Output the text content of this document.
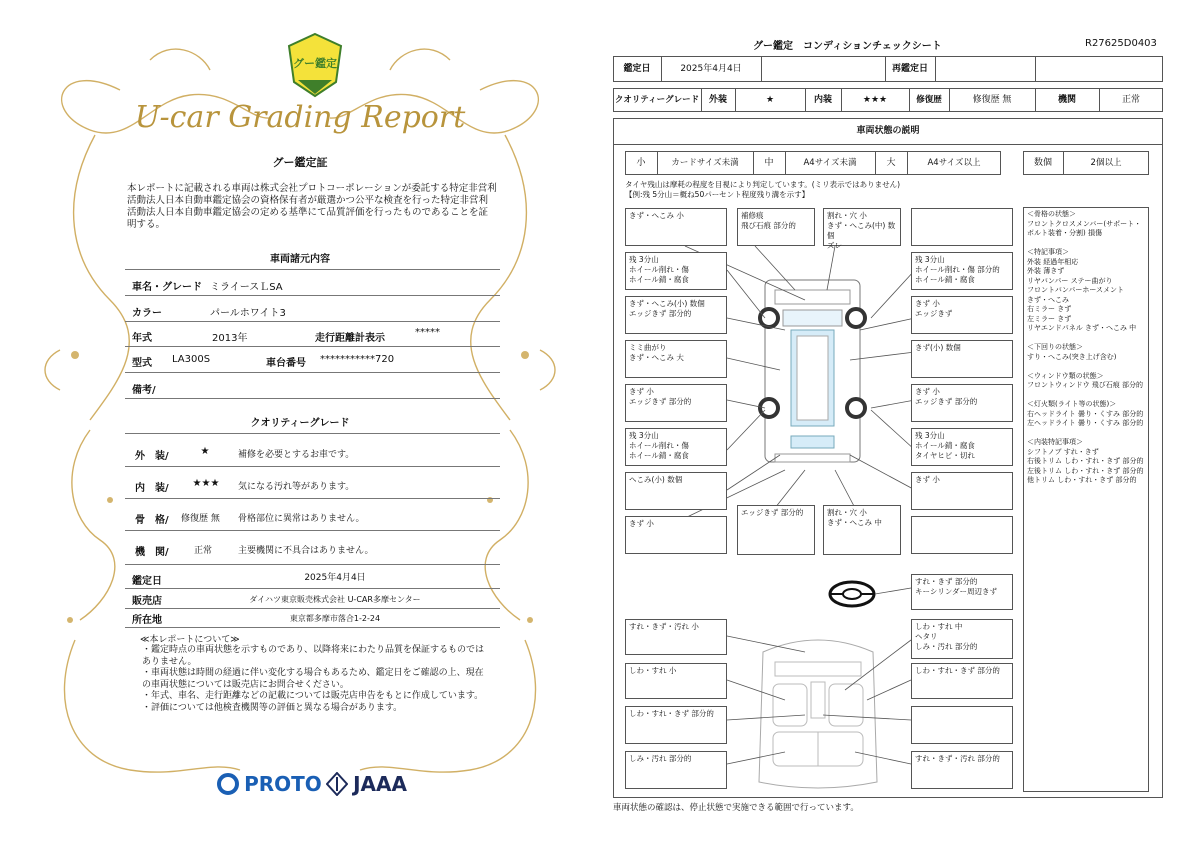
グー鑑定
U-car Grading Report
グー鑑定証
本レポートに記載される車両は株式会社プロトコーポレーションが委託する特定非営利活動法人日本自動車鑑定協会の資格保有者が厳選かつ公平な検査を行った特定非営利活動法人日本自動車鑑定協会の定める基準にて品質評価を行ったものであることを証明する。
車両諸元内容
車名・グレード ミライースＬSA
カラー	パールホワイト3
年式	2013年	走行距離計表示
*****
型式 LA300S	車台番号 ***********720
備考/
クオリティーグレード
外　装/	★	補修を必要とするお車です。
内　装/	★★★	気になる汚れ等があります。
骨　格/ 修復歴 無 骨格部位に異常はありません。
機　関/	正常	主要機関に不具合はありません。
鑑定日	2025年4月4日
販売店	ダイハツ東京販売株式会社 U-CAR多摩センター
所在地	東京都多摩市落合1-2-24
≪本レポートについて≫
・鑑定時点の車両状態を示すものであり、以降将来にわたり品質を保証するものではありません。
・車両状態は時間の経過に伴い変化する場合もあるため、鑑定日をご確認の上、現在の車両状態については販売店にお問合せください。
・年式、車名、走行距離などの記載については販売店申告をもとに作成しています。
・評価については他検査機関等の評価と異なる場合があります。
PROTO	JAAA
グー鑑定　コンディションチェックシート	R27625D0403
鑑定日	2025年4月4日	再鑑定日
クオリティーグレード	外装	★	内装	★★★	修復歴	修復歴 無	機関	正常
車両状態の説明
小	カードサイズ未満	中	A4サイズ未満	大	A4サイズ以上	数個	2個以上
タイヤ残山は摩耗の程度を目視により判定しています。(ミリ表示ではありません)
【例:残 5分山＝概ね50パーセント程度残り溝を示す】
＜骨格の状態＞
フロントクロスメンバー(サポート・ボルト装着・分割) 損傷

＜特記事項＞
外装 経過年相応
外装 薄きず
リヤバンパー ステー曲がり
フロントバンパーホースメント
きず・へこみ
右ミラー きず
左ミラー きず
リヤエンドパネル きず・へこみ 中

＜下回りの状態＞
すり・へこみ(突き上げ含む)

＜ウィンドウ類の状態＞
フロントウィンドウ 飛び石痕 部分的

＜灯火類(ライト等の状態)＞
右ヘッドライト 曇り・くすみ 部分的
左ヘッドライト 曇り・くすみ 部分的

＜内装特記事項＞
シフトノブ すれ・きず
右後トリム しわ・すれ・きず 部分的
左後トリム しわ・すれ・きず 部分的
他トリム しわ・すれ・きず 部分的
きず・へこみ 小	補修痕
飛び石痕 部分的
割れ・穴 小
きず・へこみ(中) 数個
ズレ
残 3分山
ホイール削れ・傷
ホイール錆・腐食
残 3分山
ホイール削れ・傷 部分的
ホイール錆・腐食
きず・へこみ(小) 数個
エッジきず 部分的
きず 小
エッジきず
ミミ曲がり
きず・へこみ 大
きず(小) 数個
きず 小
エッジきず 部分的
きず 小
エッジきず 部分的
残 3分山
ホイール削れ・傷
ホイール錆・腐食
残 3分山
ホイール錆・腐食
タイヤヒビ・切れ
へこみ(小) 数個	きず 小
きず 小
エッジきず 部分的	割れ・穴 小
きず・へこみ 中
すれ・きず 部分的
キーシリンダー周辺きず
すれ・きず・汚れ 小	しわ・すれ 中
ヘタリ
しみ・汚れ 部分的
しわ・すれ 小	しわ・すれ・きず 部分的
しわ・すれ・きず 部分的
しみ・汚れ 部分的	すれ・きず・汚れ 部分的
車両状態の確認は、停止状態で実施できる範囲で行っています。
